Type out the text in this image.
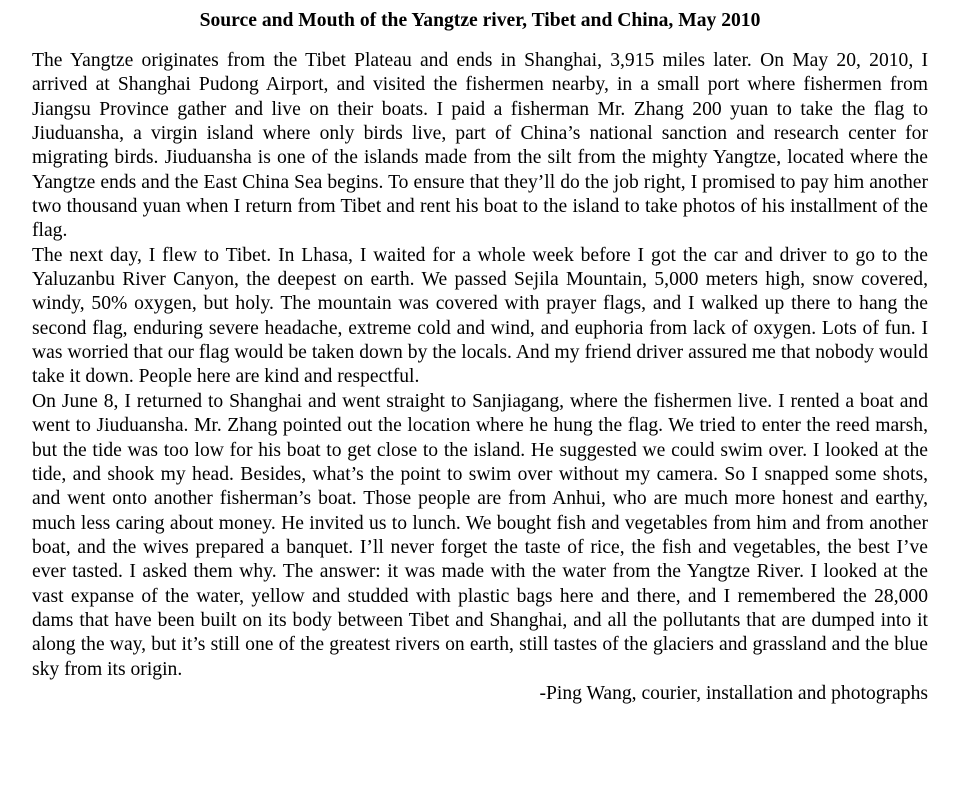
Source and Mouth of the Yangtze river, Tibet and China, May 2010

The Yangtze originates from the Tibet Plateau and ends in Shanghai, 3,915 miles later. On May 20, 2010, I arrived at Shanghai Pudong Airport, and visited the fishermen nearby, in a small port where fishermen from Jiangsu Province gather and live on their boats. I paid a fisherman Mr. Zhang 200 yuan to take the flag to Jiuduansha, a virgin island where only birds live, part of China’s national sanction and research center for migrating birds. Jiuduansha is one of the islands made from the silt from the mighty Yangtze, located where the Yangtze ends and the East China Sea begins. To ensure that they’ll do the job right, I promised to pay him another two thousand yuan when I return from Tibet and rent his boat to the island to take photos of his installment of the flag.

The next day, I flew to Tibet. In Lhasa, I waited for a whole week before I got the car and driver to go to the Yaluzanbu River Canyon, the deepest on earth. We passed Sejila Mountain, 5,000 meters high, snow covered, windy, 50% oxygen, but holy. The mountain was covered with prayer flags, and I walked up there to hang the second flag, enduring severe headache, extreme cold and wind, and euphoria from lack of oxygen. Lots of fun. I was worried that our flag would be taken down by the locals. And my friend driver assured me that nobody would take it down. People here are kind and respectful.

On June 8, I returned to Shanghai and went straight to Sanjiagang, where the fishermen live. I rented a boat and went to Jiuduansha. Mr. Zhang pointed out the location where he hung the flag. We tried to enter the reed marsh, but the tide was too low for his boat to get close to the island. He suggested we could swim over. I looked at the tide, and shook my head. Besides, what’s the point to swim over without my camera. So I snapped some shots, and went onto another fisherman’s boat. Those people are from Anhui, who are much more honest and earthy, much less caring about money. He invited us to lunch. We bought fish and vegetables from him and from another boat, and the wives prepared a banquet. I’ll never forget the taste of rice, the fish and vegetables, the best I’ve ever tasted. I asked them why. The answer: it was made with the water from the Yangtze River. I looked at the vast expanse of the water, yellow and studded with plastic bags here and there, and I remembered the 28,000 dams that have been built on its body between Tibet and Shanghai, and all the pollutants that are dumped into it along the way, but it’s still one of the greatest rivers on earth, still tastes of the glaciers and grassland and the blue sky from its origin.

-Ping Wang, courier, installation and photographs
